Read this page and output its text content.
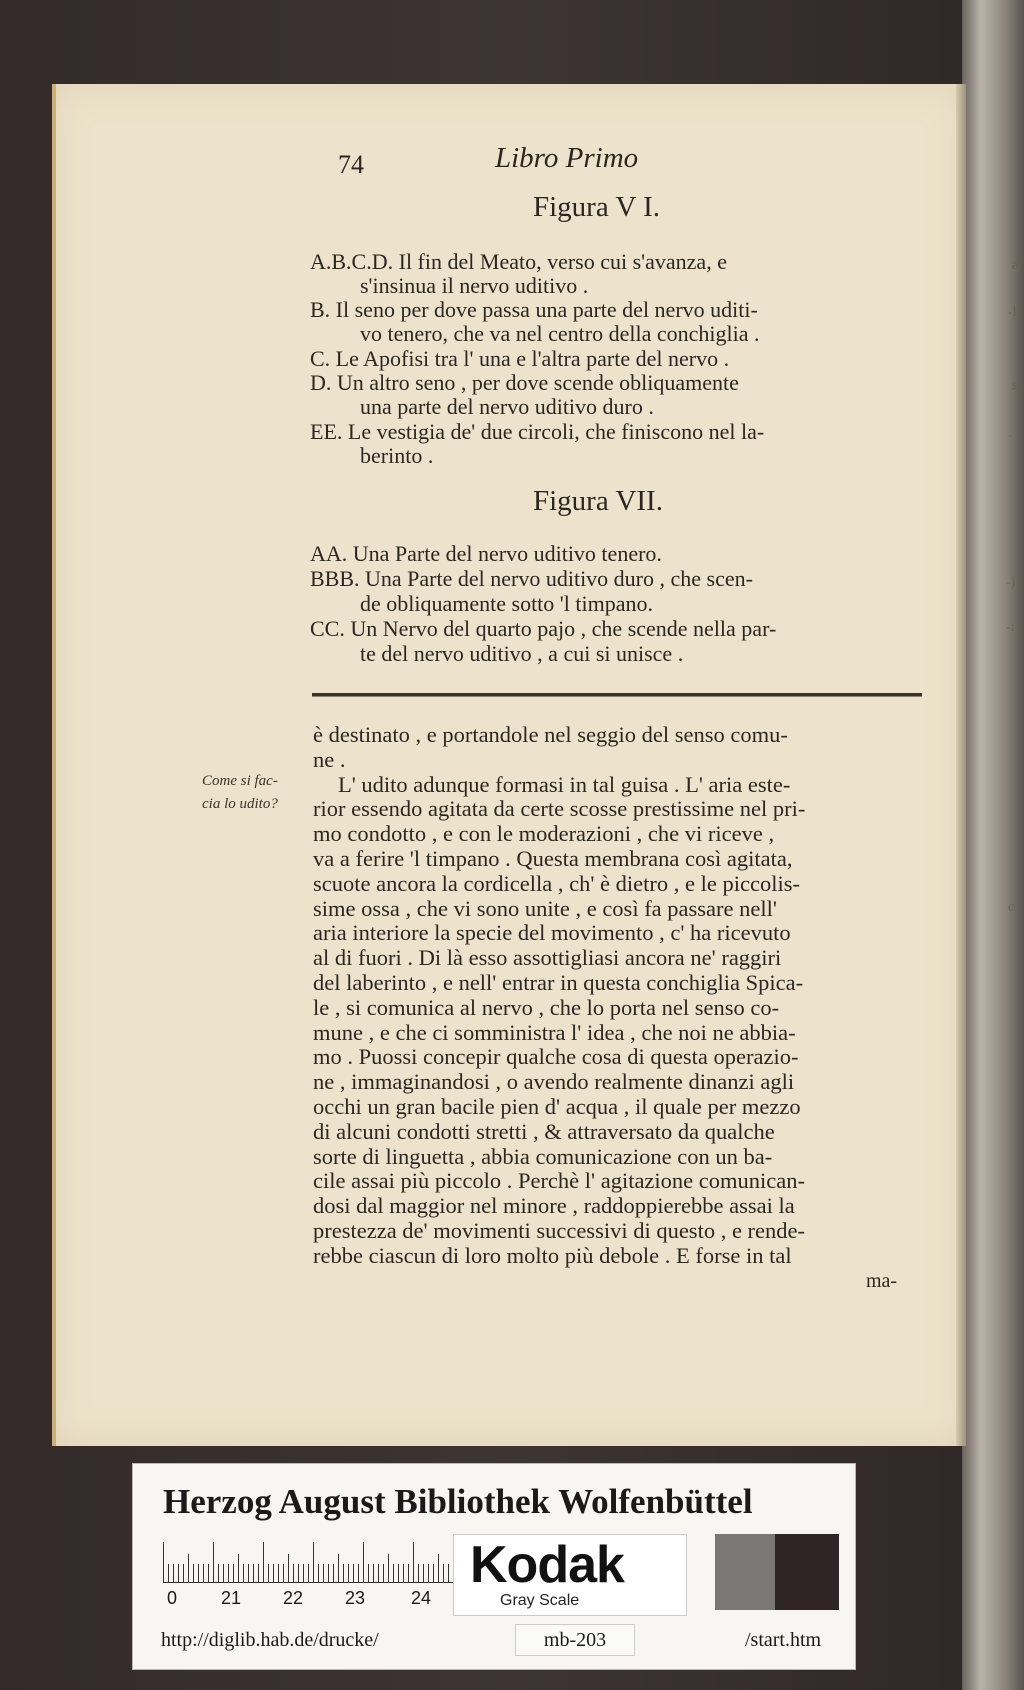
74	Libro Primo
Figura V I.
A.B.C.D. Il fin del Meato, verso cui s'avanza, e
s'insinua il nervo uditivo .
B. Il seno per dove passa una parte del nervo uditi-
vo tenero, che va nel centro della conchiglia .
C. Le Apofisi tra l' una e l'altra parte del nervo .
D. Un altro seno , per dove scende obliquamente
una parte del nervo uditivo duro .
EE. Le vestigia de' due circoli, che finiscono nel la-
berinto .
Figura VII.
AA. Una Parte del nervo uditivo tenero.
BBB. Una Parte del nervo uditivo duro , che scen-
de obliquamente sotto 'l timpano.
CC. Un Nervo del quarto pajo , che scende nella par-
te del nervo uditivo , a cui si unisce .
Come si fac-
cia lo udito?
è destinato , e portandole nel seggio del senso comu-
ne .
L' udito adunque formasi in tal guisa . L' aria este-
rior essendo agitata da certe scosse prestissime nel pri-
mo condotto , e con le moderazioni , che vi riceve ,
va a ferire 'l timpano . Questa membrana così agitata,
scuote ancora la cordicella , ch' è dietro , e le piccolis-
sime ossa , che vi sono unite , e così fa passare nell'
aria interiore la specie del movimento , c' ha ricevuto
al di fuori . Di là esso assottigliasi ancora ne' raggiri
del laberinto , e nell' entrar in questa conchiglia Spica-
le , si comunica al nervo , che lo porta nel senso co-
mune , e che ci somministra l' idea , che noi ne abbia-
mo . Puossi concepir qualche cosa di questa operazio-
ne , immaginandosi , o avendo realmente dinanzi agli
occhi un gran bacile pien d' acqua , il quale per mezzo
di alcuni condotti stretti , & attraversato da qualche
sorte di linguetta , abbia comunicazione con un ba-
cile assai più piccolo . Perchè l' agitazione comunican-
dosi dal maggior nel minore , raddoppierebbe assai la
prestezza de' movimenti successivi di questo , e rende-
rebbe ciascun di loro molto più debole . E forse in tal
ma-
a
-l
s
-
-)
-:
c
Herzog August Bibliothek Wolfenbüttel
0 21 22 23	24
Kodak
Gray Scale
http://diglib.hab.de/drucke/	mb-203	/start.htm
